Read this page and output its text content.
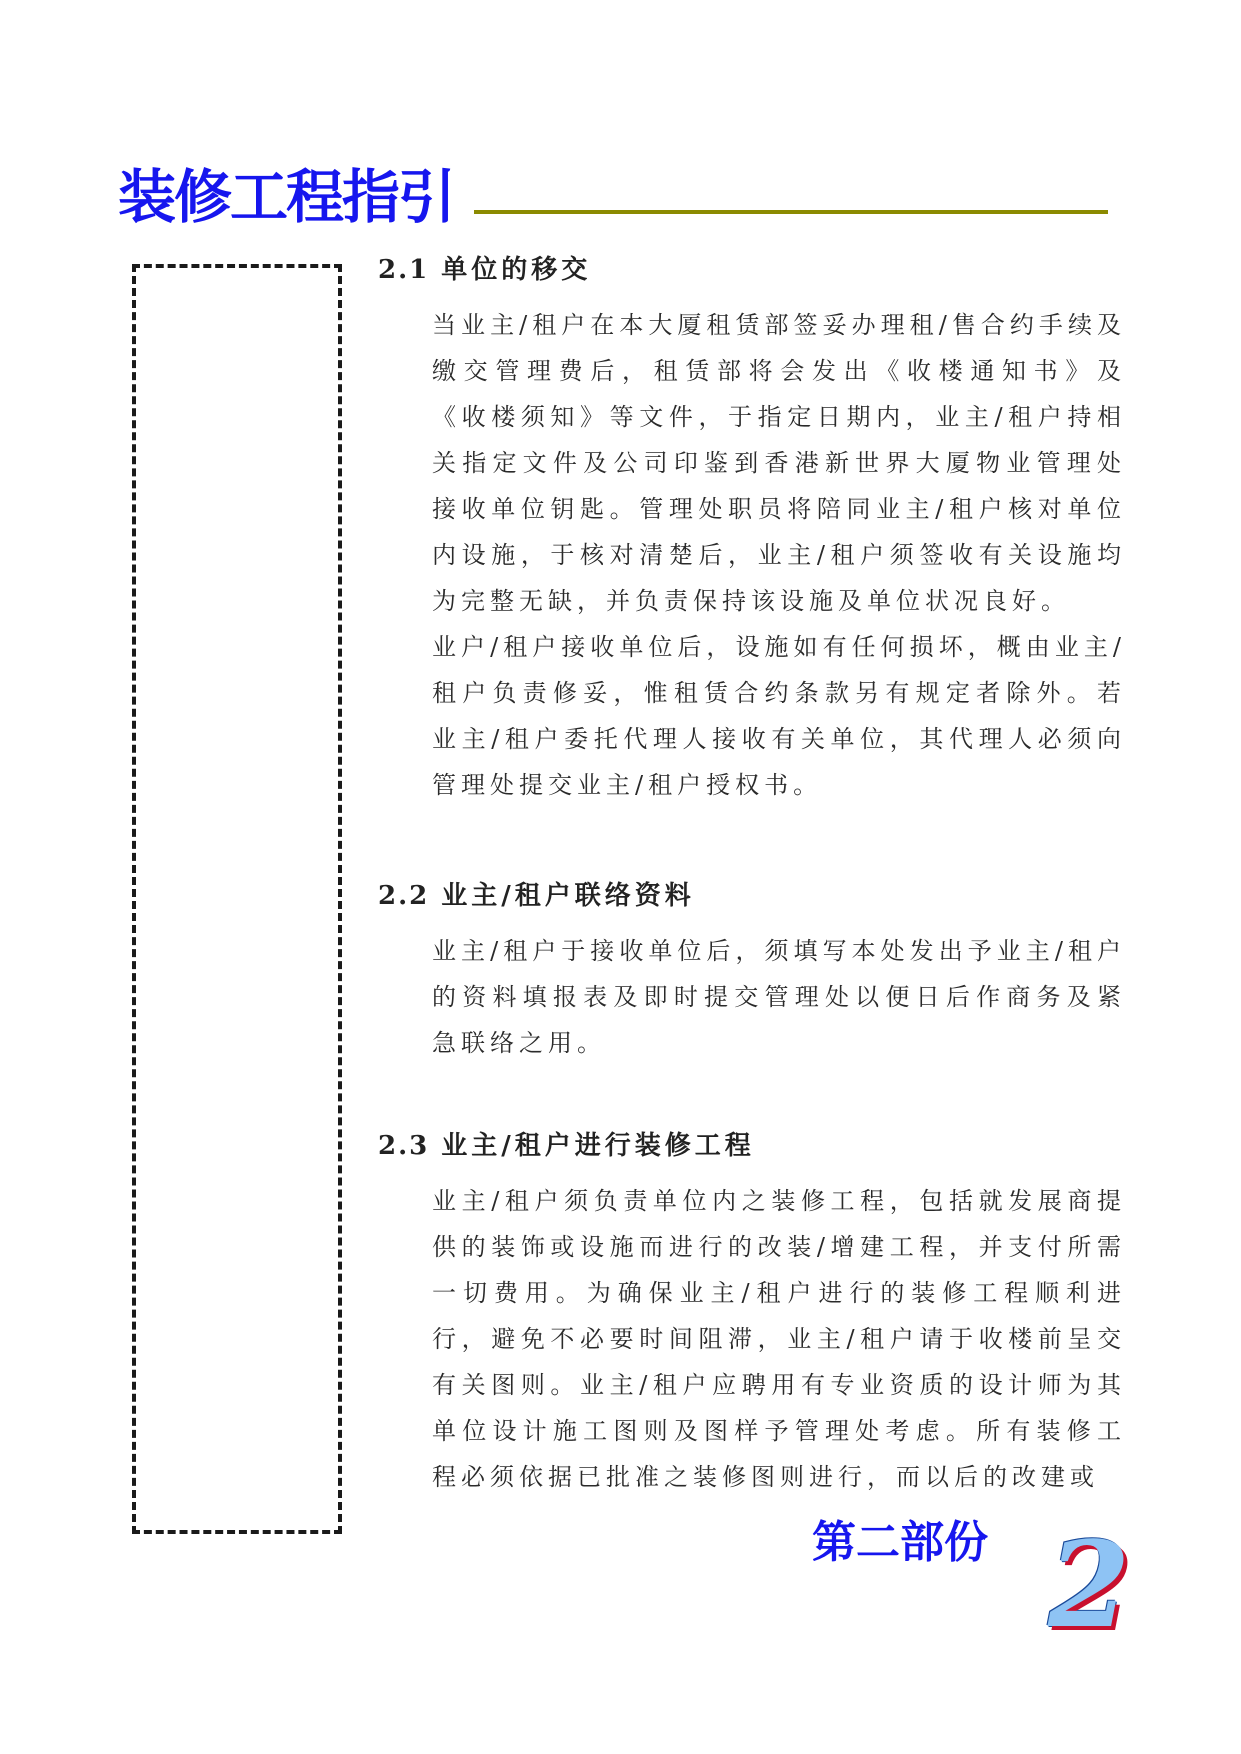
装修工程指引
2.1 单位的移交

当业主/租户在本大厦租赁部签妥办理租/售合约手续及缴交管理费后，租赁部将会发出《收楼通知书》及《收楼须知》等文件，于指定日期内，业主/租户持相关指定文件及公司印鉴到香港新世界大厦物业管理处接收单位钥匙。管理处职员将陪同业主/租户核对单位内设施，于核对清楚后，业主/租户须签收有关设施均为完整无缺，并负责保持该设施及单位状况良好。

业户/租户接收单位后，设施如有任何损坏，概由业主/租户负责修妥，惟租赁合约条款另有规定者除外。若业主/租户委托代理人接收有关单位，其代理人必须向管理处提交业主/租户授权书。

2.2 业主/租户联络资料

业主/租户于接收单位后，须填写本处发出予业主/租户的资料填报表及即时提交管理处以便日后作商务及紧急联络之用。

2.3 业主/租户进行装修工程

业主/租户须负责单位内之装修工程，包括就发展商提供的装饰或设施而进行的改装/增建工程，并支付所需一切费用。为确保业主/租户进行的装修工程顺利进行，避免不必要时间阻滞，业主/租户请于收楼前呈交有关图则。业主/租户应聘用有专业资质的设计师为其单位设计施工图则及图样予管理处考虑。所有装修工程必须依据已批准之装修图则进行，而以后的改建或

第二部份 2
